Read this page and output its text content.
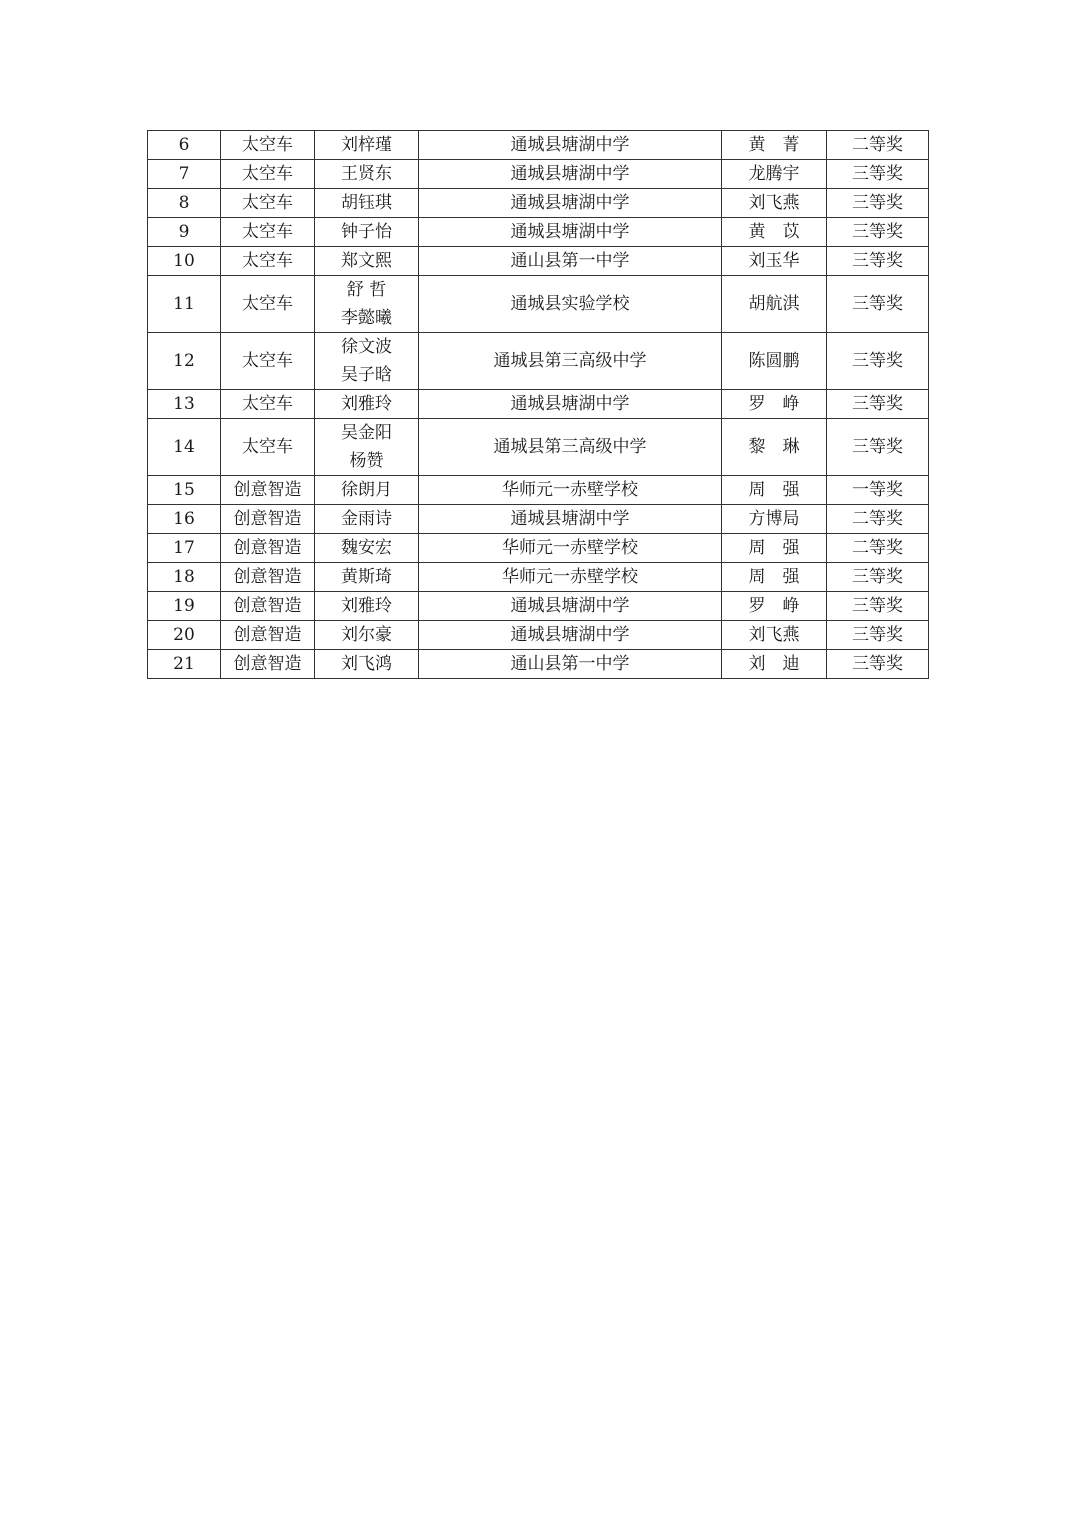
6	太空车	刘梓瑾	通城县塘湖中学	黄　菁	二等奖
7	太空车	王贤东	通城县塘湖中学	龙腾宇	三等奖
8	太空车	胡钰琪	通城县塘湖中学	刘飞燕	三等奖
9	太空车	钟子怡	通城县塘湖中学	黄　苡	三等奖
10	太空车	郑文熙	通山县第一中学	刘玉华	三等奖
11	太空车	舒 哲
李懿曦	通城县实验学校	胡航淇	三等奖
12	太空车	徐文波
吴子晗	通城县第三高级中学	陈圆鹏	三等奖
13	太空车	刘雅玲	通城县塘湖中学	罗　峥	三等奖
14	太空车	吴金阳
杨赞	通城县第三高级中学	黎　琳	三等奖
15	创意智造	徐朗月	华师元一赤壁学校	周　强	一等奖
16	创意智造	金雨诗	通城县塘湖中学	方博局	二等奖
17	创意智造	魏安宏	华师元一赤壁学校	周　强	二等奖
18	创意智造	黄斯琦	华师元一赤壁学校	周　强	三等奖
19	创意智造	刘雅玲	通城县塘湖中学	罗　峥	三等奖
20	创意智造	刘尔豪	通城县塘湖中学	刘飞燕	三等奖
21	创意智造	刘飞鸿	通山县第一中学	刘　迪	三等奖
